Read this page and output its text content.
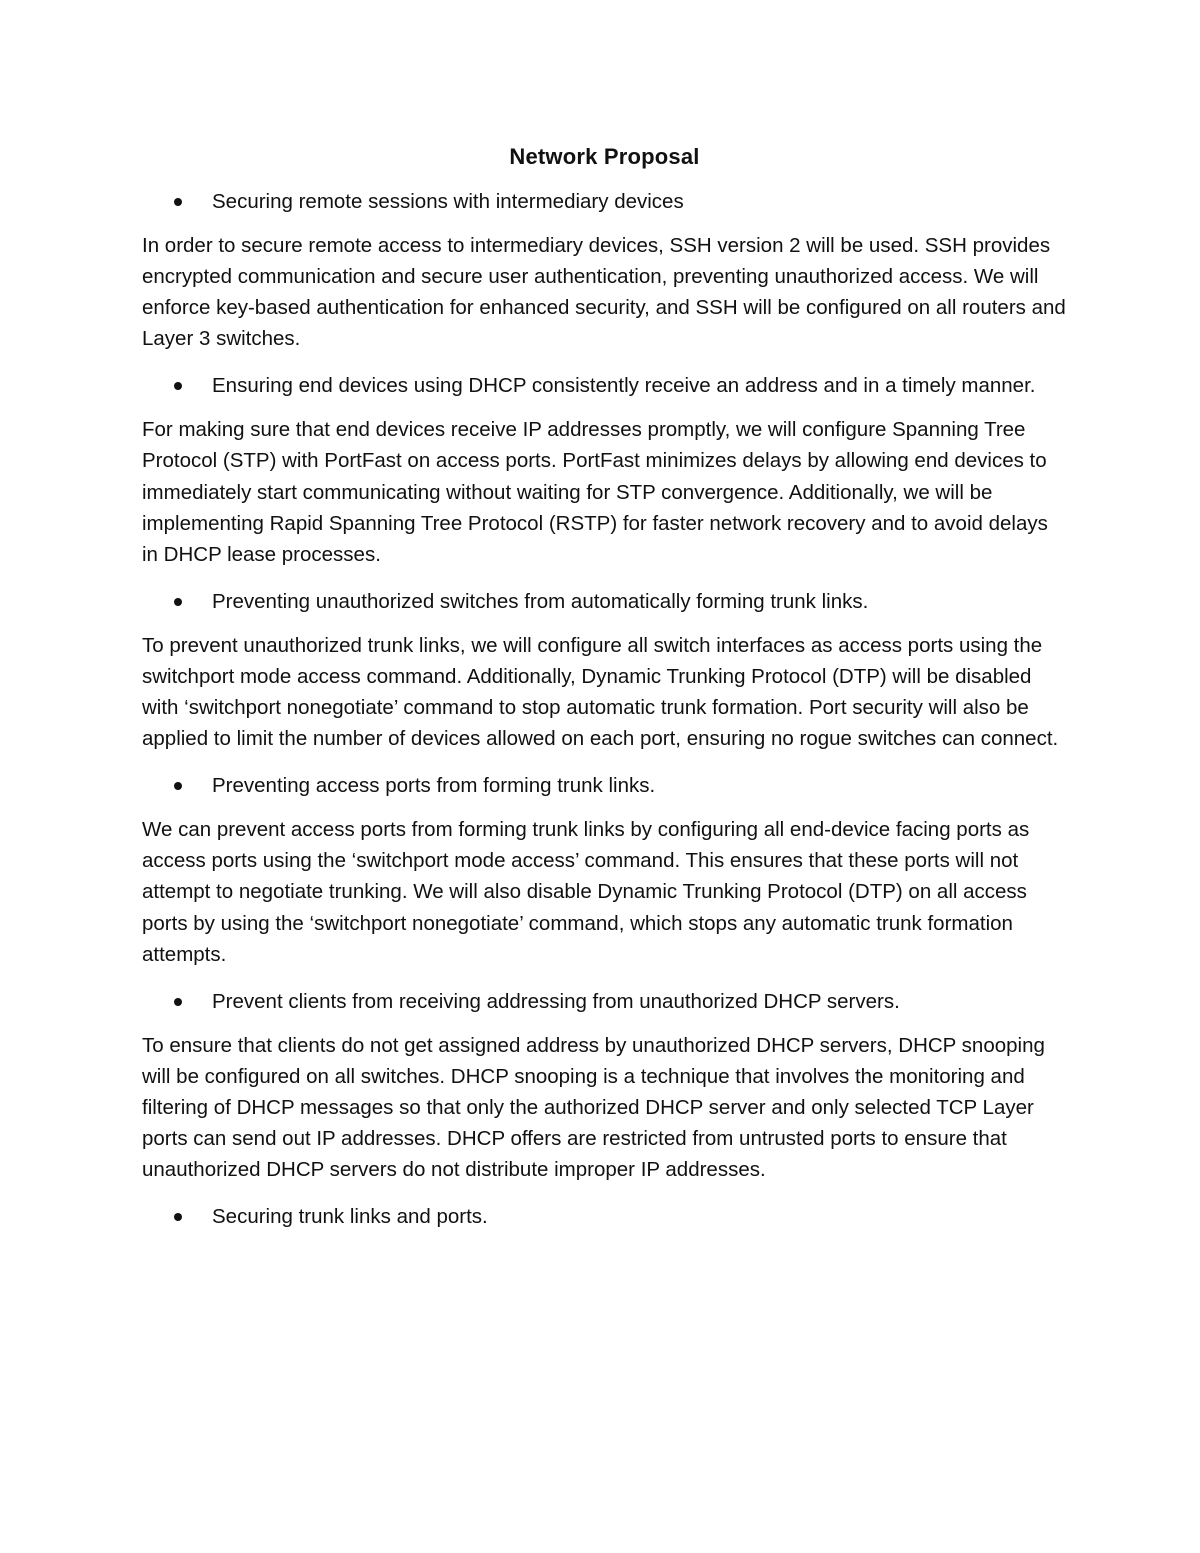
Network Proposal
Securing remote sessions with intermediary devices

In order to secure remote access to intermediary devices, SSH version 2 will be used. SSH provides encrypted communication and secure user authentication, preventing unauthorized access. We will enforce key-based authentication for enhanced security, and SSH will be configured on all routers and Layer 3 switches.

Ensuring end devices using DHCP consistently receive an address and in a timely manner.

For making sure that end devices receive IP addresses promptly, we will configure Spanning Tree Protocol (STP) with PortFast on access ports. PortFast minimizes delays by allowing end devices to immediately start communicating without waiting for STP convergence. Additionally, we will be implementing Rapid Spanning Tree Protocol (RSTP) for faster network recovery and to avoid delays in DHCP lease processes.

Preventing unauthorized switches from automatically forming trunk links.

To prevent unauthorized trunk links, we will configure all switch interfaces as access ports using the switchport mode access command. Additionally, Dynamic Trunking Protocol (DTP) will be disabled with ‘switchport nonegotiate’ command to stop automatic trunk formation. Port security will also be applied to limit the number of devices allowed on each port, ensuring no rogue switches can connect.

Preventing access ports from forming trunk links.

We can prevent access ports from forming trunk links by configuring all end-device facing ports as access ports using the ‘switchport mode access’ command. This ensures that these ports will not attempt to negotiate trunking. We will also disable Dynamic Trunking Protocol (DTP) on all access ports by using the ‘switchport nonegotiate’ command, which stops any automatic trunk formation attempts.

Prevent clients from receiving addressing from unauthorized DHCP servers.

To ensure that clients do not get assigned address by unauthorized DHCP servers, DHCP snooping will be configured on all switches. DHCP snooping is a technique that involves the monitoring and filtering of DHCP messages so that only the authorized DHCP server and only selected TCP Layer ports can send out IP addresses. DHCP offers are restricted from untrusted ports to ensure that unauthorized DHCP servers do not distribute improper IP addresses.

Securing trunk links and ports.
